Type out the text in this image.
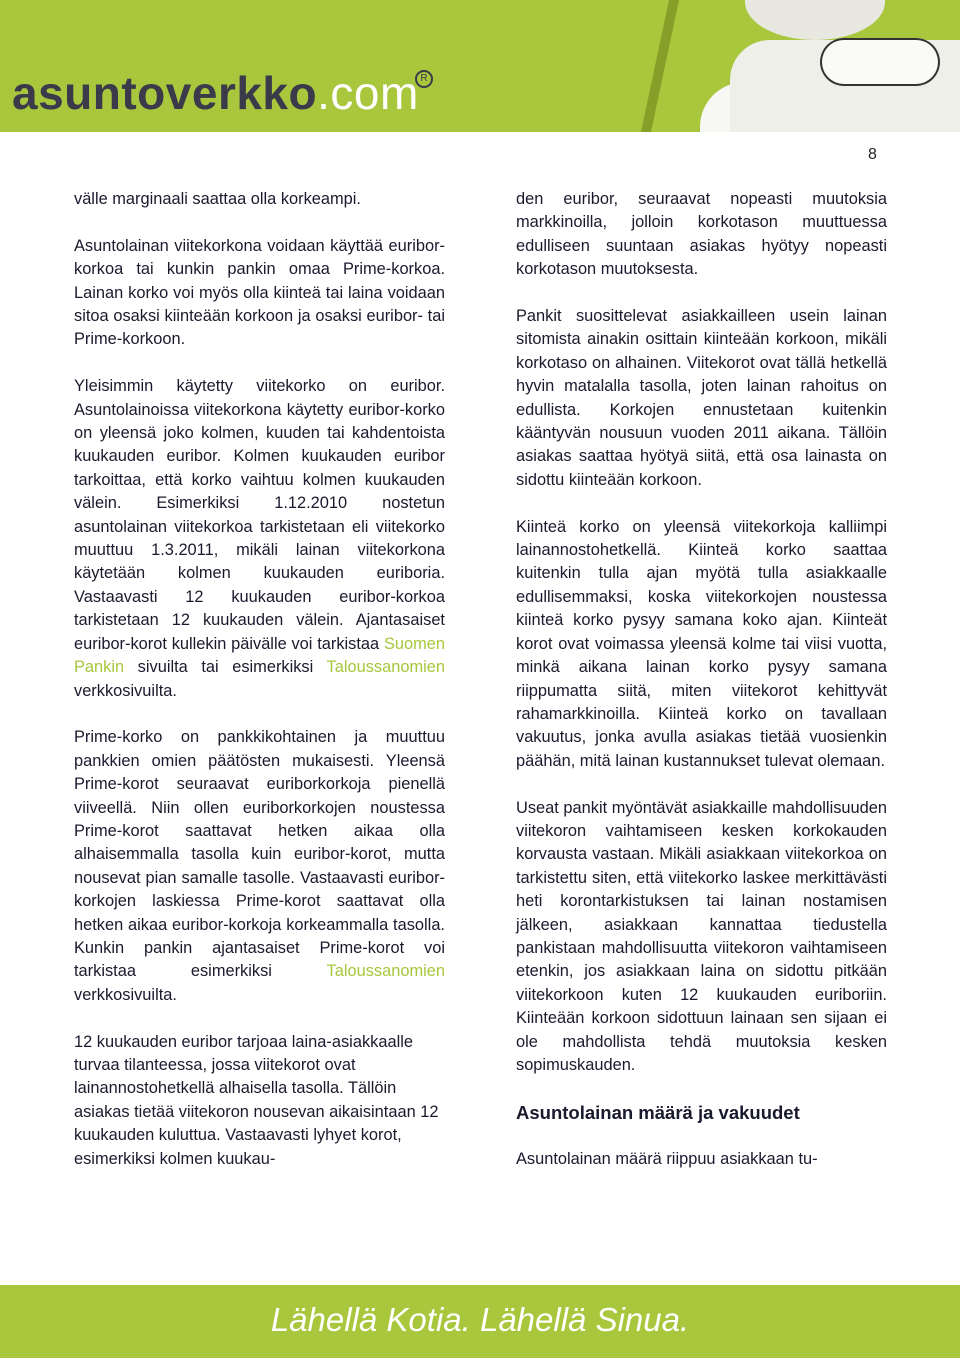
asuntoverkko.com R
8

välle marginaali saattaa olla korkeampi.

Asuntolainan viitekorkona voidaan käyttää euribor-korkoa tai kunkin pankin omaa Prime-korkoa. Lainan korko voi myös olla kiinteä tai laina voidaan sitoa osaksi kiinteään korkoon ja osaksi euribor- tai Prime-korkoon.

Yleisimmin käytetty viitekorko on euribor. Asuntolainoissa viitekorkona käytetty euribor-korko on yleensä joko kolmen, kuuden tai kahdentoista kuukauden euribor. Kolmen kuukauden euribor tarkoittaa, että korko vaihtuu kolmen kuukauden välein. Esimerkiksi 1.12.2010 nostetun asuntolainan viitekorkoa tarkistetaan eli viitekorko muuttuu 1.3.2011, mikäli lainan viitekorkona käytetään kolmen kuukauden euriboria. Vastaavasti 12 kuukauden euribor-korkoa tarkistetaan 12 kuukauden välein. Ajantasaiset euribor-korot kullekin päivälle voi tarkistaa Suomen Pankin sivuilta tai esimerkiksi Taloussanomien verkkosivuilta.

Prime-korko on pankkikohtainen ja muuttuu pankkien omien päätösten mukaisesti. Yleensä Prime-korot seuraavat euriborkorkoja pienellä viiveellä. Niin ollen euriborkorkojen noustessa Prime-korot saattavat hetken aikaa olla alhaisemmalla tasolla kuin euribor-korot, mutta nousevat pian samalle tasolle. Vastaavasti euribor-korkojen laskiessa Prime-korot saattavat olla hetken aikaa euribor-korkoja korkeammalla tasolla. Kunkin pankin ajantasaiset Prime-korot voi tarkistaa esimerkiksi Taloussanomien verkkosivuilta.

12 kuukauden euribor tarjoaa laina-asiakkaalle turvaa tilanteessa, jossa viitekorot ovat lainannostohetkellä alhaisella tasolla. Tällöin asiakas tietää viitekoron nousevan aikaisintaan 12 kuukauden kuluttua. Vastaavasti lyhyet korot, esimerkiksi kolmen kuukau-

den euribor, seuraavat nopeasti muutoksia markkinoilla, jolloin korkotason muuttuessa edulliseen suuntaan asiakas hyötyy nopeasti korkotason muutoksesta.

Pankit suosittelevat asiakkailleen usein lainan sitomista ainakin osittain kiinteään korkoon, mikäli korkotaso on alhainen. Viitekorot ovat tällä hetkellä hyvin matalalla tasolla, joten lainan rahoitus on edullista. Korkojen ennustetaan kuitenkin kääntyvän nousuun vuoden 2011 aikana. Tällöin asiakas saattaa hyötyä siitä, että osa lainasta on sidottu kiinteään korkoon.

Kiinteä korko on yleensä viitekorkoja kalliimpi lainannostohetkellä. Kiinteä korko saattaa kuitenkin tulla ajan myötä tulla asiakkaalle edullisemmaksi, koska viitekorkojen noustessa kiinteä korko pysyy samana koko ajan. Kiinteät korot ovat voimassa yleensä kolme tai viisi vuotta, minkä aikana lainan korko pysyy samana riippumatta siitä, miten viitekorot kehittyvät rahamarkkinoilla. Kiinteä korko on tavallaan vakuutus, jonka avulla asiakas tietää vuosienkin päähän, mitä lainan kustannukset tulevat olemaan.

Useat pankit myöntävät asiakkaille mahdollisuuden viitekoron vaihtamiseen kesken korkokauden korvausta vastaan. Mikäli asiakkaan viitekorkoa on tarkistettu siten, että viitekorko laskee merkittävästi heti korontarkistuksen tai lainan nostamisen jälkeen, asiakkaan kannattaa tiedustella pankistaan mahdollisuutta viitekoron vaihtamiseen etenkin, jos asiakkaan laina on sidottu pitkään viitekorkoon kuten 12 kuukauden euriboriin. Kiinteään korkoon sidottuun lainaan sen sijaan ei ole mahdollista tehdä muutoksia kesken sopimuskauden.

Asuntolainan määrä ja vakuudet

Asuntolainan määrä riippuu asiakkaan tu-

Lähellä Kotia. Lähellä Sinua.
